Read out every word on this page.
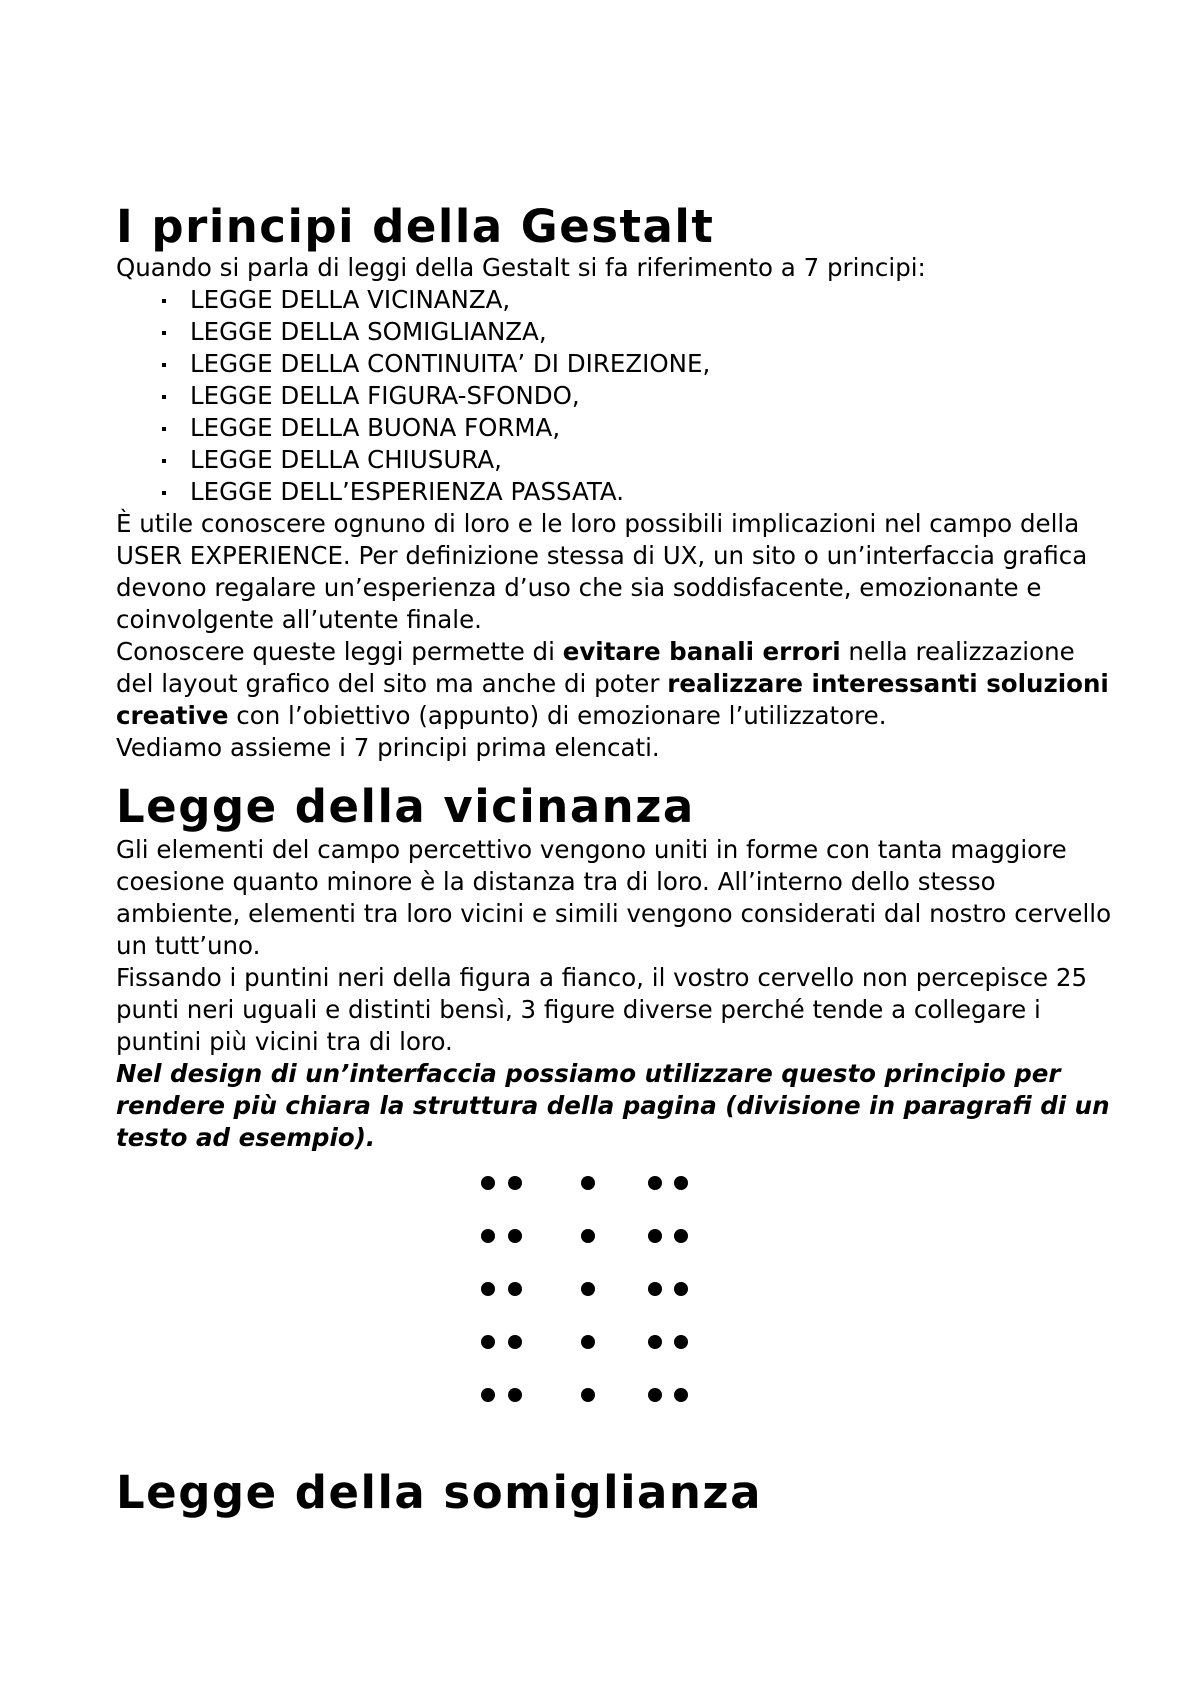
I principi della Gestalt

Quando si parla di leggi della Gestalt si fa riferimento a 7 principi:

LEGGE DELLA VICINANZA,
LEGGE DELLA SOMIGLIANZA,
LEGGE DELLA CONTINUITA’ DI DIREZIONE,
LEGGE DELLA FIGURA-SFONDO,
LEGGE DELLA BUONA FORMA,
LEGGE DELLA CHIUSURA,
LEGGE DELL’ESPERIENZA PASSATA.

È utile conoscere ognuno di loro e le loro possibili implicazioni nel campo della USER EXPERIENCE. Per definizione stessa di UX, un sito o un’interfaccia grafica devono regalare un’esperienza d’uso che sia soddisfacente, emozionante e coinvolgente all’utente finale.

Conoscere queste leggi permette di evitare banali errori nella realizzazione del layout grafico del sito ma anche di poter realizzare interessanti soluzioni creative con l’obiettivo (appunto) di emozionare l’utilizzatore.

Vediamo assieme i 7 principi prima elencati.

Legge della vicinanza

Gli elementi del campo percettivo vengono uniti in forme con tanta maggiore coesione quanto minore è la distanza tra di loro. All’interno dello stesso ambiente, elementi tra loro vicini e simili vengono considerati dal nostro cervello un tutt’uno.

Fissando i puntini neri della figura a fianco, il vostro cervello non percepisce 25 punti neri uguali e distinti bensì, 3 figure diverse perché tende a collegare i puntini più vicini tra di loro.

Nel design di un’interfaccia possiamo utilizzare questo principio per rendere più chiara la struttura della pagina (divisione in paragrafi di un testo ad esempio).

Legge della somiglianza
